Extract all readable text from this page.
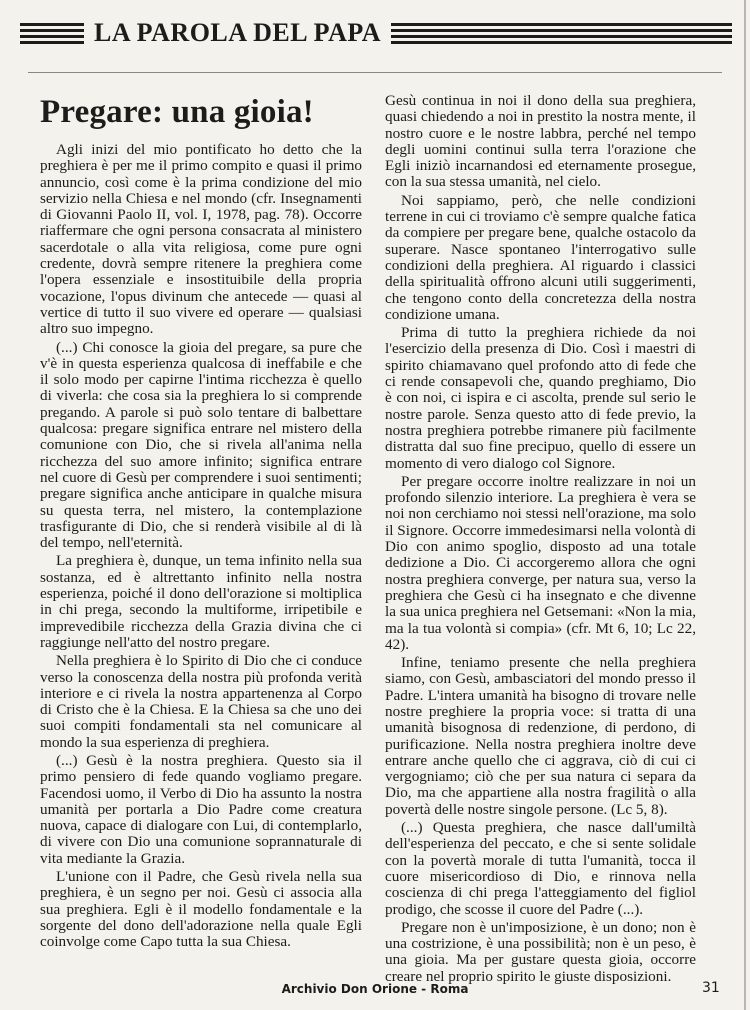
LA PAROLA DEL PAPA
Pregare: una gioia!

Agli inizi del mio pontificato ho detto che la preghiera è per me il primo compito e quasi il primo annuncio, così come è la prima condizione del mio servizio nella Chiesa e nel mondo (cfr. Insegnamenti di Giovanni Paolo II, vol. I, 1978, pag. 78). Occorre riaffermare che ogni persona consacrata al ministero sacerdotale o alla vita religiosa, come pure ogni credente, dovrà sempre ritenere la preghiera come l'opera essenziale e insostituibile della propria vocazione, l'opus divinum che antecede — quasi al vertice di tutto il suo vivere ed operare — qualsiasi altro suo impegno.

(...) Chi conosce la gioia del pregare, sa pure che v'è in questa esperienza qualcosa di ineffabile e che il solo modo per capirne l'intima ricchezza è quello di viverla: che cosa sia la preghiera lo si comprende pregando. A parole si può solo tentare di balbettare qualcosa: pregare significa entrare nel mistero della comunione con Dio, che si rivela all'anima nella ricchezza del suo amore infinito; significa entrare nel cuore di Gesù per comprendere i suoi sentimenti; pregare significa anche anticipare in qualche misura su questa terra, nel mistero, la contemplazione trasfigurante di Dio, che si renderà visibile al di là del tempo, nell'eternità.

La preghiera è, dunque, un tema infinito nella sua sostanza, ed è altrettanto infinito nella nostra esperienza, poiché il dono dell'orazione si moltiplica in chi prega, secondo la multiforme, irripetibile e imprevedibile ricchezza della Grazia divina che ci raggiunge nell'atto del nostro pregare.

Nella preghiera è lo Spirito di Dio che ci conduce verso la conoscenza della nostra più profonda verità interiore e ci rivela la nostra appartenenza al Corpo di Cristo che è la Chiesa. E la Chiesa sa che uno dei suoi compiti fondamentali sta nel comunicare al mondo la sua esperienza di preghiera.

(...) Gesù è la nostra preghiera. Questo sia il primo pensiero di fede quando vogliamo pregare. Facendosi uomo, il Verbo di Dio ha assunto la nostra umanità per portarla a Dio Padre come creatura nuova, capace di dialogare con Lui, di contemplarlo, di vivere con Dio una comunione soprannaturale di vita mediante la Grazia.

L'unione con il Padre, che Gesù rivela nella sua preghiera, è un segno per noi. Gesù ci associa alla sua preghiera. Egli è il modello fondamentale e la sorgente del dono dell'adorazione nella quale Egli coinvolge come Capo tutta la sua Chiesa.

Gesù continua in noi il dono della sua preghiera, quasi chiedendo a noi in prestito la nostra mente, il nostro cuore e le nostre labbra, perché nel tempo degli uomini continui sulla terra l'orazione che Egli iniziò incarnandosi ed eternamente prosegue, con la sua stessa umanità, nel cielo.

Noi sappiamo, però, che nelle condizioni terrene in cui ci troviamo c'è sempre qualche fatica da compiere per pregare bene, qualche ostacolo da superare. Nasce spontaneo l'interrogativo sulle condizioni della preghiera. Al riguardo i classici della spiritualità offrono alcuni utili suggerimenti, che tengono conto della concretezza della nostra condizione umana.

Prima di tutto la preghiera richiede da noi l'esercizio della presenza di Dio. Così i maestri di spirito chiamavano quel profondo atto di fede che ci rende consapevoli che, quando preghiamo, Dio è con noi, ci ispira e ci ascolta, prende sul serio le nostre parole. Senza questo atto di fede previo, la nostra preghiera potrebbe rimanere più facilmente distratta dal suo fine precipuo, quello di essere un momento di vero dialogo col Signore.

Per pregare occorre inoltre realizzare in noi un profondo silenzio interiore. La preghiera è vera se noi non cerchiamo noi stessi nell'orazione, ma solo il Signore. Occorre immedesimarsi nella volontà di Dio con animo spoglio, disposto ad una totale dedizione a Dio. Ci accorgeremo allora che ogni nostra preghiera converge, per natura sua, verso la preghiera che Gesù ci ha insegnato e che divenne la sua unica preghiera nel Getsemani: «Non la mia, ma la tua volontà si compia» (cfr. Mt 6, 10; Lc 22, 42).

Infine, teniamo presente che nella preghiera siamo, con Gesù, ambasciatori del mondo presso il Padre. L'intera umanità ha bisogno di trovare nelle nostre preghiere la propria voce: si tratta di una umanità bisognosa di redenzione, di perdono, di purificazione. Nella nostra preghiera inoltre deve entrare anche quello che ci aggrava, ciò di cui ci vergogniamo; ciò che per sua natura ci separa da Dio, ma che appartiene alla nostra fragilità o alla povertà delle nostre singole persone. (Lc 5, 8).

(...) Questa preghiera, che nasce dall'umiltà dell'esperienza del peccato, e che si sente solidale con la povertà morale di tutta l'umanità, tocca il cuore misericordioso di Dio, e rinnova nella coscienza di chi prega l'atteggiamento del figliol prodigo, che scosse il cuore del Padre (...).

Pregare non è un'imposizione, è un dono; non è una costrizione, è una possibilità; non è un peso, è una gioia. Ma per gustare questa gioia, occorre creare nel proprio spirito le giuste disposizioni.

Archivio Don Orione - Roma	31
